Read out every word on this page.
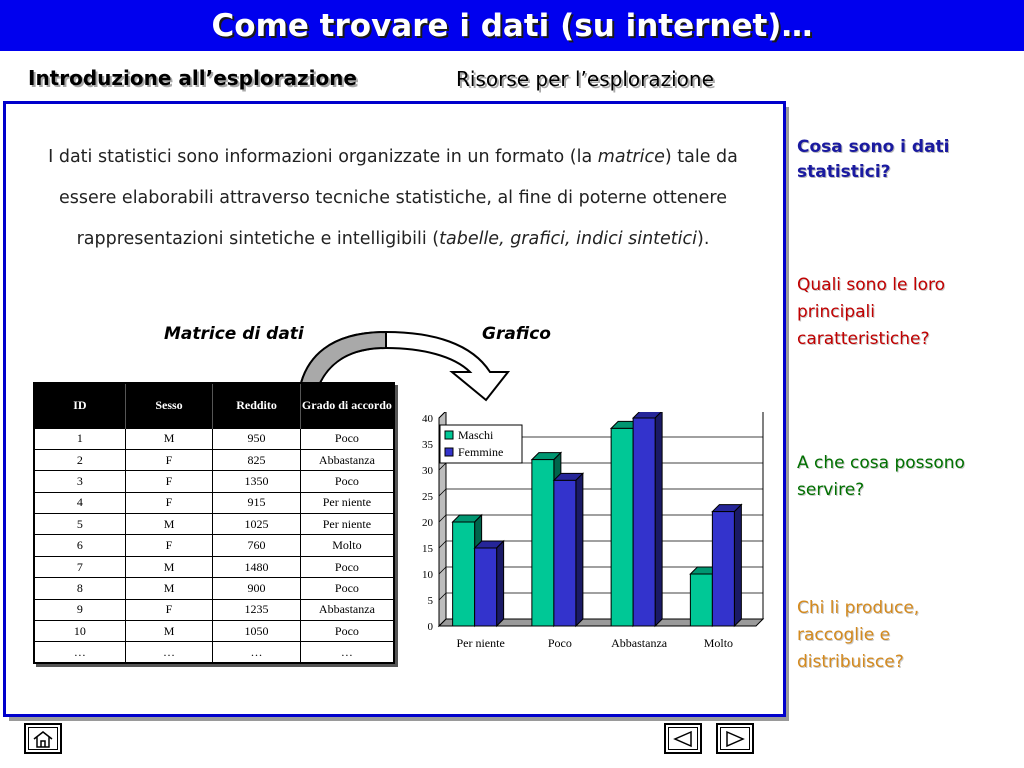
Come trovare i dati (su internet)…
Introduzione all’esplorazione	Risorse per l’esplorazione
I dati statistici sono informazioni organizzate in un formato (la matrice) tale da essere elaborabili attraverso tecniche statistiche, al fine di poterne ottenere rappresentazioni sintetiche e intelligibili (tabelle, grafici, indici sintetici).
Matrice di dati	Grafico
ID	Sesso	Reddito	Grado di accordo
1	M	950	Poco
2	F	825	Abbastanza
3	F	1350	Poco
4	F	915	Per niente
5	M	1025	Per niente
6	F	760	Molto
7	M	1480	Poco
8	M	900	Poco
9	F	1235	Abbastanza
10	M	1050	Poco
…	…	…	…
0
5
10
15
20
25
30
35
40
Per niente	Poco	Abbastanza	Molto
Maschi
Femmine
Cosa sono i dati statistici?
Quali sono le loro principali caratteristiche?
A che cosa possono servire?
Chi li produce, raccoglie e distribuisce?
